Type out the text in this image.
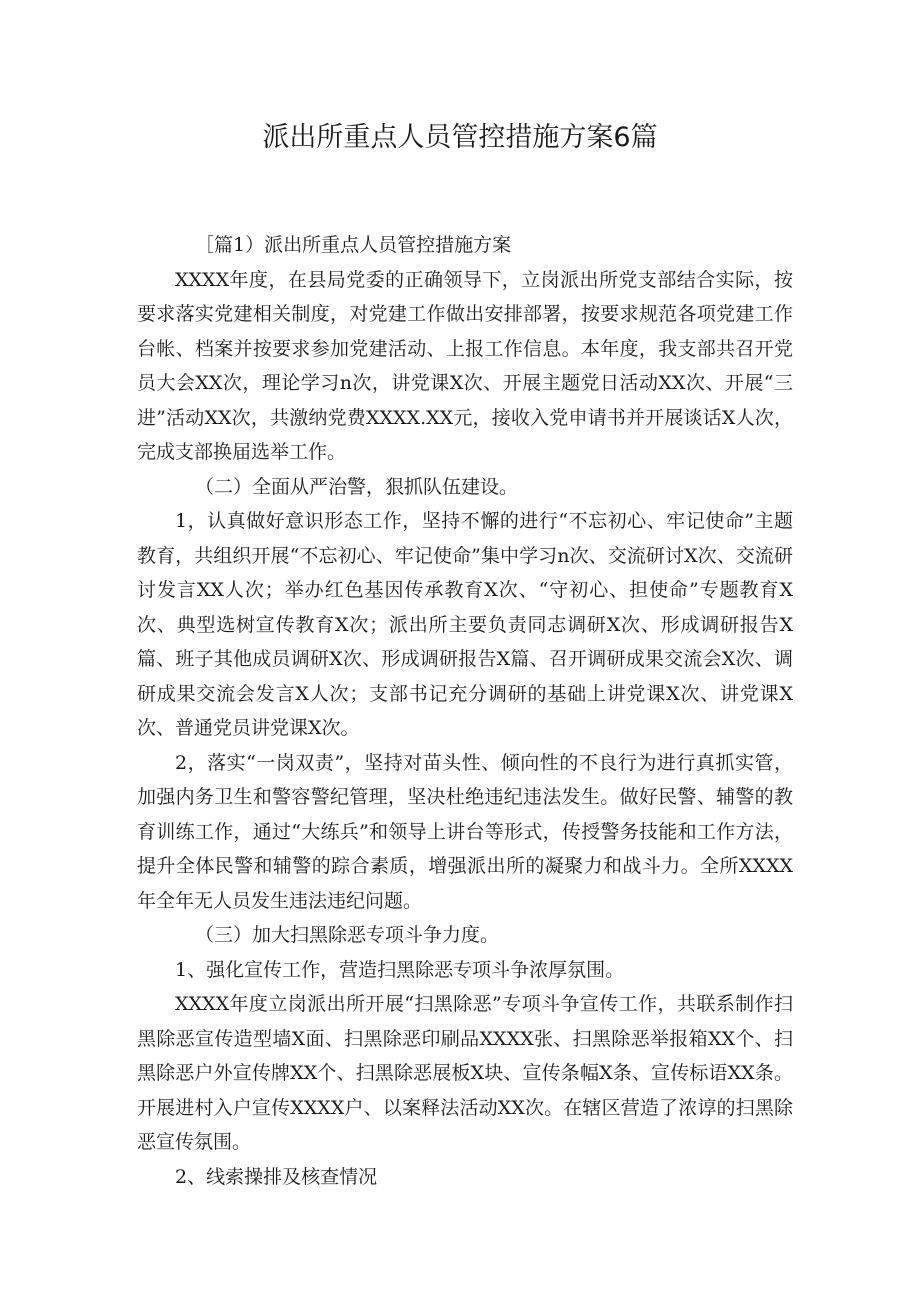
派出所重点人员管控措施方案6篇

［篇1）派出所重点人员管控措施方案

XXXX年度，在县局党委的正确领导下，立岗派出所党支部结合实际，按要求落实党建相关制度，对党建工作做出安排部署，按要求规范各项党建工作台帐、档案并按要求参加党建活动、上报工作信息。本年度，我支部共召开党员大会XX次，理论学习n次，讲党课X次、开展主题党日活动XX次、开展“三进”活动XX次，共激纳党费XXXX.XX元，接收入党申请书并开展谈话X人次，完成支部换届选举工作。

（二）全面从严治警，狠抓队伍建设。

1，认真做好意识形态工作，坚持不懈的进行“不忘初心、牢记使命”主题教育，共组织开展“不忘初心、牢记使命”集中学习n次、交流研讨X次、交流研讨发言XX人次；举办红色基因传承教育X次、“守初心、担使命”专题教育X次、典型选树宣传教育X次；派出所主要负责同志调研X次、形成调研报告X篇、班子其他成员调研X次、形成调研报告X篇、召开调研成果交流会X次、调研成果交流会发言X人次；支部书记充分调研的基础上讲党课X次、讲党课X次、普通党员讲党课X次。

2，落实“一岗双责”，坚持对苗头性、倾向性的不良行为进行真抓实管，加强内务卫生和警容警纪管理，坚决杜绝违纪违法发生。做好民警、辅警的教育训练工作，通过“大练兵”和领导上讲台等形式，传授警务技能和工作方法，提升全体民警和辅警的踪合素质，增强派出所的凝聚力和战斗力。全所XXXX年全年无人员发生违法违纪问题。

（三）加大扫黑除恶专项斗争力度。

1、强化宣传工作，营造扫黑除恶专项斗争浓厚氛围。

XXXX年度立岗派出所开展“扫黑除恶”专项斗争宣传工作，共联系制作扫黑除恶宣传造型墙X面、扫黑除恶印刷品XXXX张、扫黑除恶举报箱XX个、扫黑除恶户外宣传牌XX个、扫黑除恶展板X块、宣传条幅X条、宣传标语XX条。开展进村入户宣传XXXX户、以案释法活动XX次。在辖区营造了浓谆的扫黑除恶宣传氛围。

2、线索操排及核查情况
